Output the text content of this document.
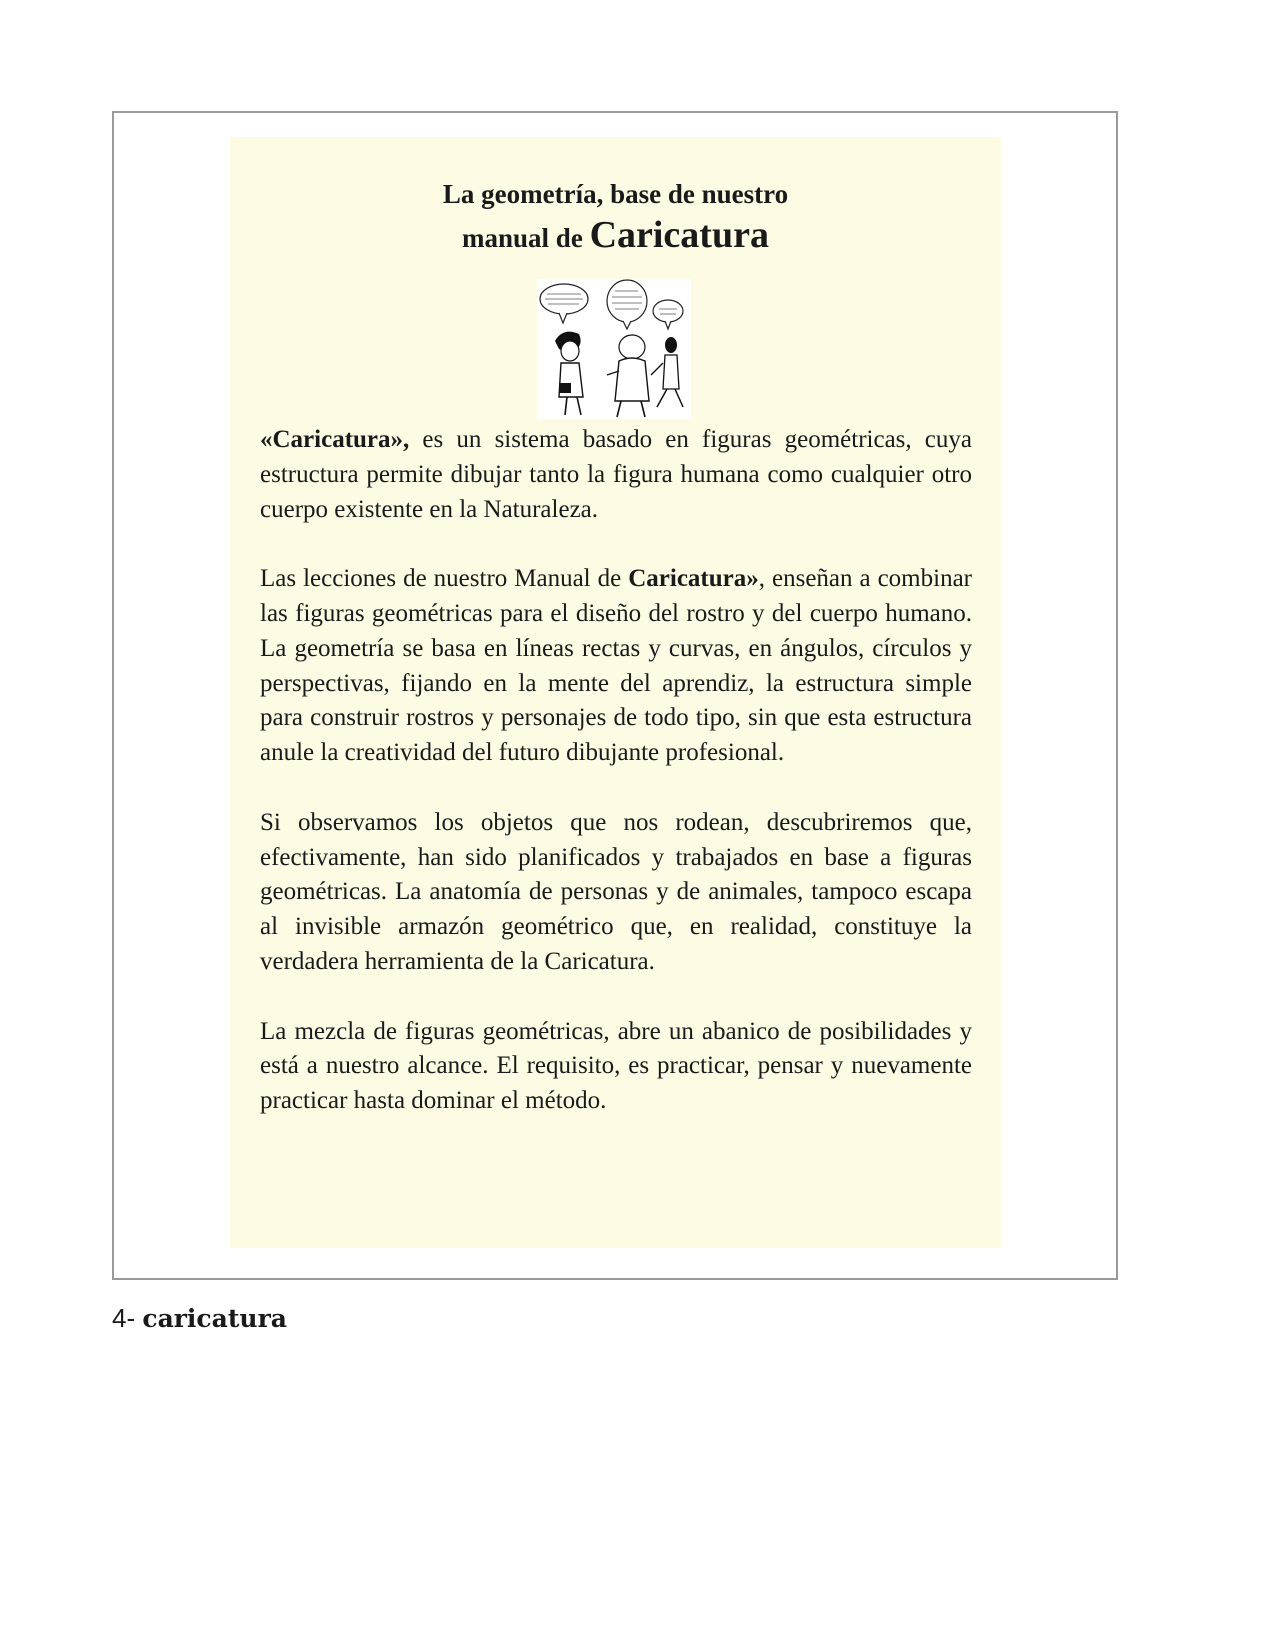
La geometría, base de nuestro
manual de Caricatura

«Caricatura», es un sistema basado en figuras geométricas, cuya estructura permite dibujar tanto la figura humana como cualquier otro cuerpo existente en la Naturaleza.

Las lecciones de nuestro Manual de Caricatura», enseñan a combinar las figuras geométricas para el diseño del rostro y del cuerpo humano. La geometría se basa en líneas rectas y curvas, en ángulos, círculos y perspectivas, fijando en la mente del aprendiz, la estructura simple para construir rostros y personajes de todo tipo, sin que esta estructura anule la creatividad del futuro dibujante profesional.

Si observamos los objetos que nos rodean, descubriremos que, efectivamente, han sido planificados y trabajados en base a figuras geométricas. La anatomía de personas y de animales, tampoco escapa al invisible armazón geométrico que, en realidad, constituye la verdadera herramienta de la Caricatura.

La mezcla de figuras geométricas, abre un abanico de posibilidades y está a nuestro alcance. El requisito, es practicar, pensar y nuevamente practicar hasta dominar el método.

4- caricatura
